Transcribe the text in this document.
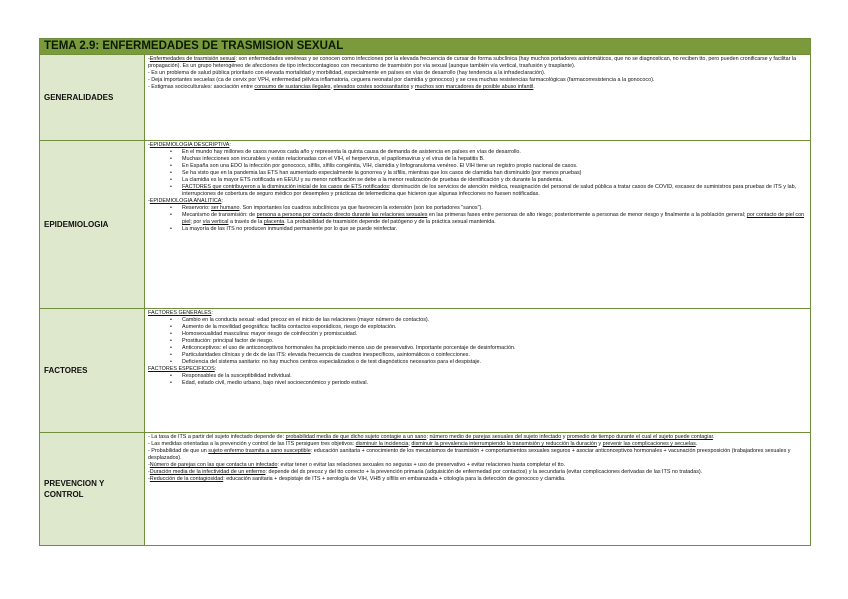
TEMA 2.9: ENFERMEDADES DE TRASMISION SEXUAL
GENERALIDADES

-Enfermedades de trasmisión sexual: son enfermedades venéreas y se conocen como infecciones por la elevada frecuencia de cursar de forma subclínica (hay muchos portadores asintomáticos, que no se diagnostican, no reciben tto, pero pueden cronificarse y facilitar la propagación). Es un grupo heterogéneo de afecciones de tipo infectocontagioso con mecanismo de trasmisión por vía sexual (aunque también vía vertical, trasfusión y trasplante).

- Es un problema de salud pública prioritario con elevada mortalidad y morbilidad, especialmente en países en vías de desarrollo (hay tendencia a la infradeclaración).

- Deja importantes secuelas (ca de cervix por VPH, enfermedad pélvica inflamatoria, ceguera neonatal por clamidia y gonococo) y se crea muchas resistencias farmacológicas (farmacorresistencia a la gonococo).

- Estigmas socioculturales: asociación entre consumo de sustancias ilegales, elevados costes sociosanitarios y muchos son marcadores de posible abuso infantil.

EPIDEMIOLOGIA

-EPIDEMIOLOGIA DESCRIPTIVA:

• En el mundo hay millones de casos nuevos cada año y representa la quinta causa de demanda de asistencia en países en vías de desarrollo.
• Muchas infecciones son incurables y están relacionadas con el VIH, el herpervirus, el papilomavirus y el virus de la hepatitis B.
• En España son una EDO la infección por gonococo, sífilis, sífilis congénita, VIH, clamidia y linfogranuloma venéreo. El VIH tiene un registro propio nacional de casos.
• Se ha visto que en la pandemia las ETS han aumentado especialmente la gonorrea y la sífilis, mientras que los casos de clamidia han disminuido (por menos pruebas)
• La clamidia es la mayor ETS notificada en EEUU y su menor notificación se debe a la menor realización de pruebas de identificación y dx durante la pandemia.
• FACTORES que contribuyeron a la disminución inicial de los casos de ETS notificados: disminución de los servicios de atención médica, reasignación del personal de salud pública a tratar casos de COVID, escasez de suministros para pruebas de ITS y lab, interrupciones de cobertura de seguro médico por desempleo y prácticas de telemedicina que hicieron que algunas infecciones no fuesen notificadas.

-EPIDEMIOLOGIA ANALITICA:

• Reservorio: ser humano. Son importantes los cuadros subclínicos ya que favorecen la extensión (son los portadores "sanos").
• Mecanismo de transmisión: de persona a persona por contacto directo durante las relaciones sexuales en las primeras fases entre personas de alto riesgo; posteriormente a personas de menor riesgo y finalmente a la población general; por contacto de piel con piel; por vía vertical a través de la placenta. La probabilidad de trasmisión depende del patógeno y de la práctica sexual mantenida.
• La mayoría de las ITS no producen inmunidad permanente por lo que se puede reinfectar.
FACTORES

FACTORES GENERALES:

• Cambio en la conducta sexual: edad precoz en el inicio de las relaciones (mayor número de contactos).
• Aumento de la movilidad geográfica: facilita contactos esporádicos, riesgo de explotación.
• Homosexualidad masculina: mayor riesgo de coinfección y promiscuidad.
• Prostitución: principal factor de riesgo.
• Anticonceptivos: el uso de anticonceptivos hormonales ha propiciado menos uso de preservativo. Importante porcentaje de desinformación.
• Particularidades clínicas y de dx de las ITS: elevada frecuencia de cuadros inespecíficos, asintomáticos o coinfecciones.
• Deficiencia del sistema sanitario: no hay muchos centros especializados o de test diagnósticos necesarios para el despistaje.

FACTORES ESPECIFICOS:

• Responsables de la susceptibilidad individual.
• Edad, estado civil, medio urbano, bajo nivel socioeconómico y periodo estival.
PREVENCION Y CONTROL

- La tasa de ITS a partir del sujeto infectado depende de: probabilidad media de que dicho sujeto contagie a un sano; número medio de parejas sexuales del sujeto infectado y promedio de tiempo durante el cual el sujeto puede contagiar.

- Las medidas orientadas a la prevención y control de las ITS persiguen tres objetivos: disminuir la incidencia; disminuir la prevalencia interrumpiendo la transmisión y reducción la duración y prevenir las complicaciones y secuelas.

- Probabilidad de que un sujeto enfermo trasmita a sano susceptible: educación sanitaria + conocimiento de los mecanismos de trasmisión + comportamientos sexuales seguros + asociar anticonceptivos hormonales + vacunación preexposición (trabajadores sexuales y desplazados).

-Número de parejas con las que contacta un infectado: evitar tener o evitar las relaciones sexuales no seguras + uso de preservativo + evitar relaciones hasta completar el tto.

-Duración media de la infectividad de un enfermo: depende del dx precoz y del tto correcto + la prevención primaria (adquisición de enfermedad por contactos) y la secundaria (evitar complicaciones derivadas de las ITS no tratadas).

-Reducción de la contagiosidad: educación sanitaria + despistaje de ITS + serología de VIH, VHB y sífilis en embarazada + citología para la detección de gonococo y clamidia.
